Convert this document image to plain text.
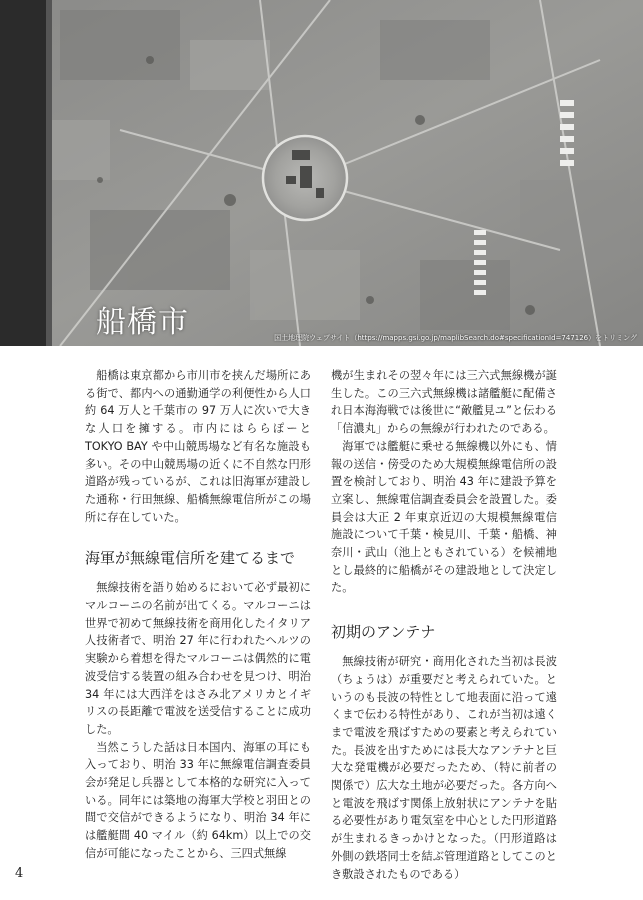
船橋市	国土地理院ウェブサイト（https://mapps.gsi.go.jp/maplibSearch.do#specificationId=747126）をトリミング

船橋は東京都から市川市を挟んだ場所にある街で、都内への通勤通学の利便性から人口約 64 万人と千葉市の 97 万人に次いで大きな人口を擁する。市内にはららぽーと TOKYO BAY や中山競馬場など有名な施設も多い。その中山競馬場の近くに不自然な円形道路が残っているが、これは旧海軍が建設した通称・行田無線、船橋無線電信所がこの場所に存在していた。

海軍が無線電信所を建てるまで

無線技術を語り始めるにおいて必ず最初にマルコーニの名前が出てくる。マルコーニは世界で初めて無線技術を商用化したイタリア人技術者で、明治 27 年に行われたヘルツの実験から着想を得たマルコーニは偶然的に電波受信する装置の組み合わせを見つけ、明治 34 年には大西洋をはさみ北アメリカとイギリスの長距離で電波を送受信することに成功した。

当然こうした話は日本国内、海軍の耳にも入っており、明治 33 年に無線電信調査委員会が発足し兵器として本格的な研究に入っている。同年には築地の海軍大学校と羽田との間で交信ができるようになり、明治 34 年には艦艇間 40 マイル（約 64km）以上での交信が可能になったことから、三四式無線

機が生まれその翌々年には三六式無線機が誕生した。この三六式無線機は諸艦艇に配備され日本海海戦では後世に“敵艦見ユ”と伝わる「信濃丸」からの無線が行われたのである。

海軍では艦艇に乗せる無線機以外にも、情報の送信・傍受のため大規模無線電信所の設置を検討しており、明治 43 年に建設予算を立案し、無線電信調査委員会を設置した。委員会は大正 2 年東京近辺の大規模無線電信施設について千葉・検見川、千葉・船橋、神奈川・武山（池上ともされている）を候補地とし最終的に船橋がその建設地として決定した。

初期のアンテナ

無線技術が研究・商用化された当初は長波（ちょうは）が重要だと考えられていた。というのも長波の特性として地表面に沿って遠くまで伝わる特性があり、これが当初は遠くまで電波を飛ばすための要素と考えられていた。長波を出すためには長大なアンテナと巨大な発電機が必要だったため、（特に前者の関係で）広大な土地が必要だった。各方向へと電波を飛ばす関係上放射状にアンテナを貼る必要性があり電気室を中心とした円形道路が生まれるきっかけとなった。（円形道路は外側の鉄塔同士を結ぶ管理道路としてこのとき敷設されたものである）

4
